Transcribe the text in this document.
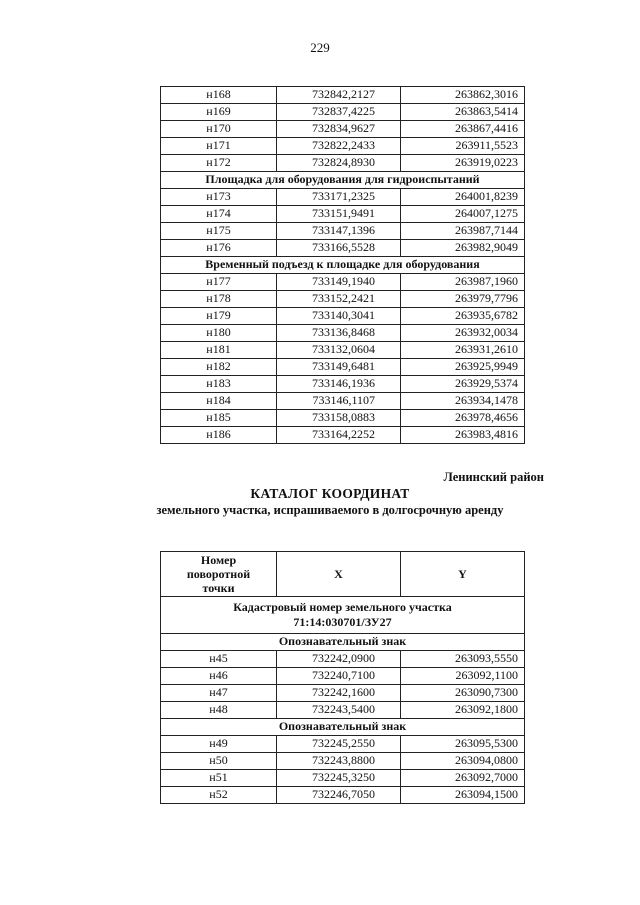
229
н168	732842,2127	263862,3016
н169	732837,4225	263863,5414
н170	732834,9627	263867,4416
н171	732822,2433	263911,5523
н172	732824,8930	263919,0223
Площадка для оборудования для гидроиспытаний		
н173	733171,2325	264001,8239
н174	733151,9491	264007,1275
н175	733147,1396	263987,7144
н176	733166,5528	263982,9049
Временный подъезд к площадке для оборудования		
н177	733149,1940	263987,1960
н178	733152,2421	263979,7796
н179	733140,3041	263935,6782
н180	733136,8468	263932,0034
н181	733132,0604	263931,2610
н182	733149,6481	263925,9949
н183	733146,1936	263929,5374
н184	733146,1107	263934,1478
н185	733158,0883	263978,4656
н186	733164,2252	263983,4816
Ленинский район
КАТАЛОГ КООРДИНАТ
земельного участка, испрашиваемого в долгосрочную аренду
Номер
поворотной
точки	X	Y

Кадастровый номер земельного участка
71:14:030701/ЗУ27		

Опознавательный знак		
н45	732242,0900	263093,5550
н46	732240,7100	263092,1100
н47	732242,1600	263090,7300
н48	732243,5400	263092,1800
Опознавательный знак		
н49	732245,2550	263095,5300
н50	732243,8800	263094,0800
н51	732245,3250	263092,7000
н52	732246,7050	263094,1500
